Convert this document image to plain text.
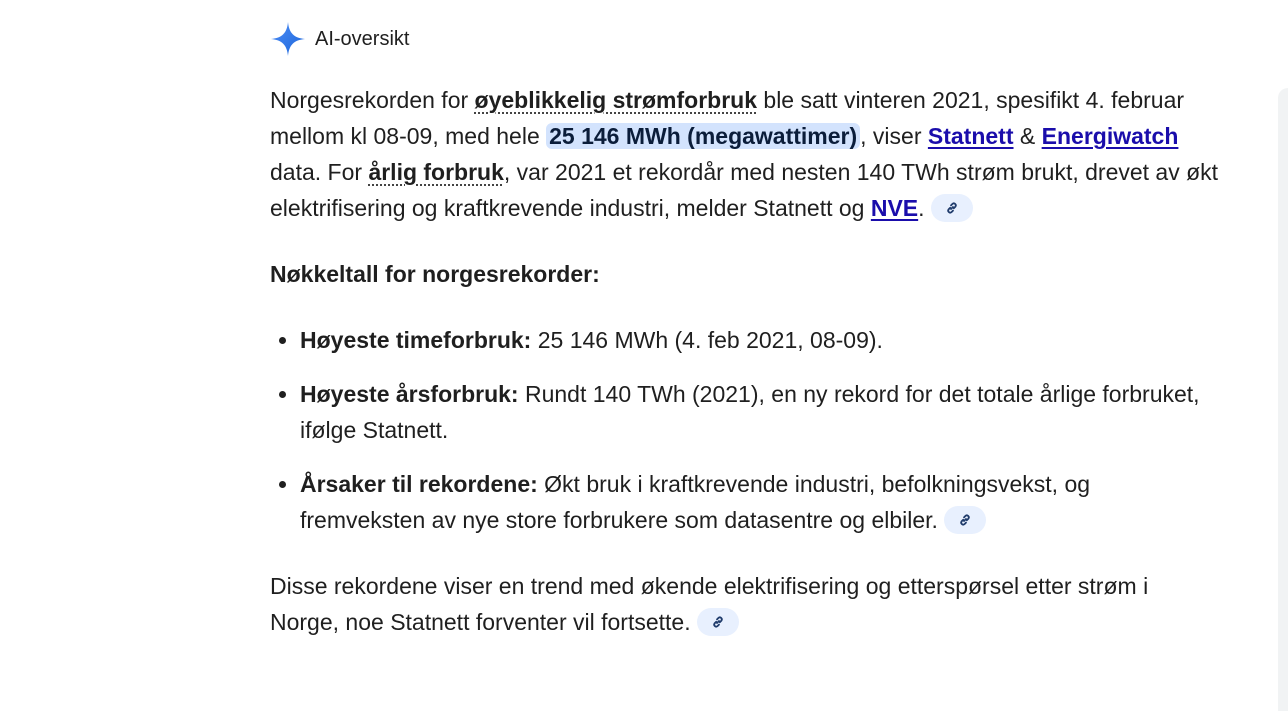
AI-oversikt

Norgesrekorden for øyeblikkelig strømforbruk ble satt vinteren 2021, spesifikt 4. februar mellom kl 08-09, med hele 25 146 MWh (megawattimer) , viser Statnett & Energiwatch data. For årlig forbruk, var 2021 et rekordår med nesten 140 TWh strøm brukt, drevet av økt elektrifisering og kraftkrevende industri, melder Statnett og NVE.

Nøkkeltall for norgesrekorder:

• Høyeste timeforbruk: 25 146 MWh (4. feb 2021, 08-09).
• Høyeste årsforbruk: Rundt 140 TWh (2021), en ny rekord for det totale årlige forbruket, ifølge Statnett.
• Årsaker til rekordene: Økt bruk i kraftkrevende industri, befolkningsvekst, og fremveksten av nye store forbrukere som datasentre og elbiler.

Disse rekordene viser en trend med økende elektrifisering og etterspørsel etter strøm i Norge, noe Statnett forventer vil fortsette.
